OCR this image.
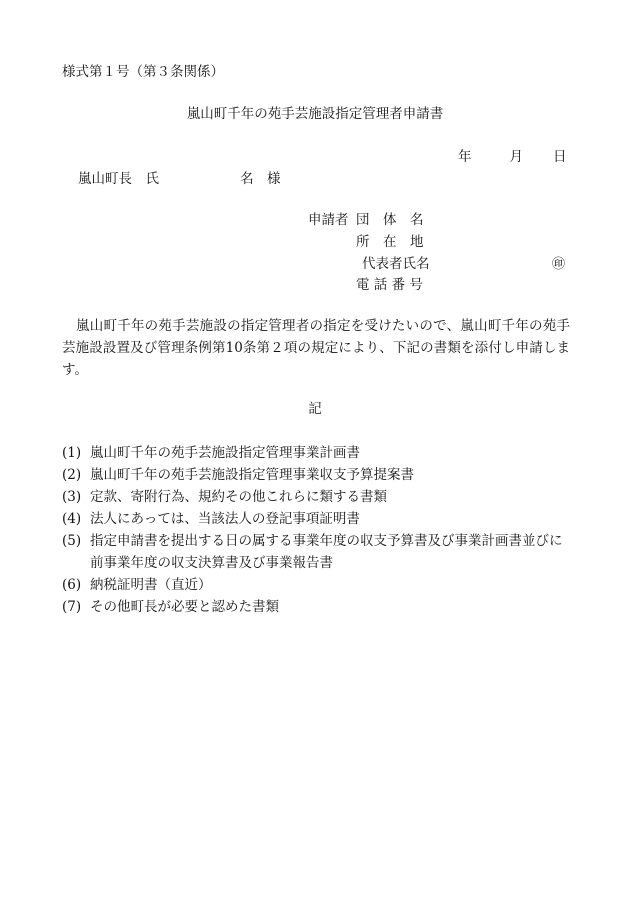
様式第１号（第３条関係）
嵐山町千年の苑手芸施設指定管理者申請書
年	月 日
嵐山町長　氏　　　　　　名　様
申請者 団　体　名
所　在　地
代表者氏名	㊞
電 話 番 号
嵐山町千年の苑手芸施設の指定管理者の指定を受けたいので、嵐山町千年の苑手芸施設設置及び管理条例第10条第２項の規定により、下記の書類を添付し申請します。
記
(1) 嵐山町千年の苑手芸施設指定管理事業計画書
(2) 嵐山町千年の苑手芸施設指定管理事業収支予算提案書
(3) 定款、寄附行為、規約その他これらに類する書類
(4) 法人にあっては、当該法人の登記事項証明書
(5) 指定申請書を提出する日の属する事業年度の収支予算書及び事業計画書並びに前事業年度の収支決算書及び事業報告書
(6) 納税証明書（直近）
(7) その他町長が必要と認めた書類
